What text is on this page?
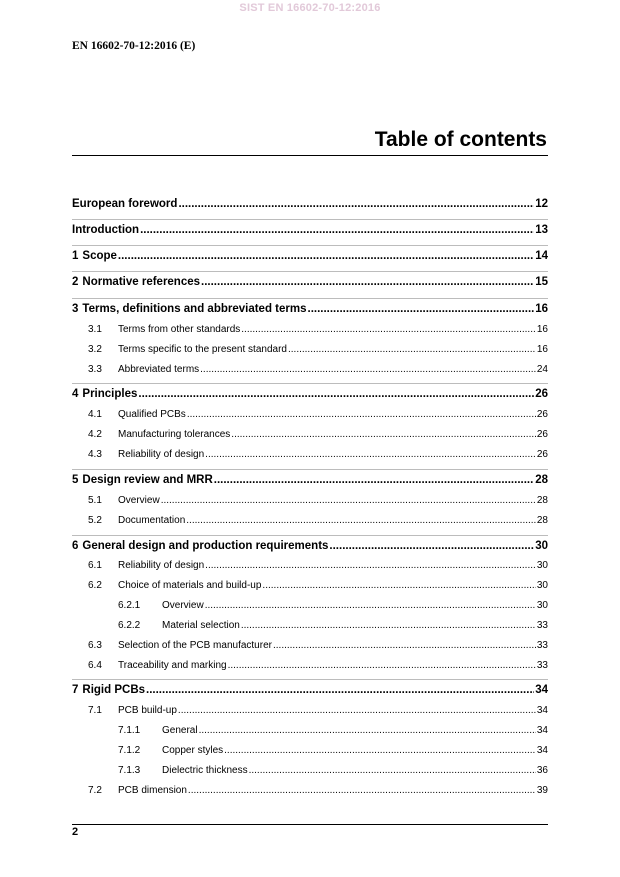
SIST EN 16602-70-12:2016
EN 16602-70-12:2016 (E)
Table of contents
European foreword .....	12
Introduction .....	13
1 Scope .....	14
2 Normative references .....	15
3 Terms, definitions and abbreviated terms .....	16
3.1	Terms from other standards .....	16
3.2	Terms specific to the present standard .....	16
3.3	Abbreviated terms .....	24
4 Principles .....	26
4.1	Qualified PCBs .....	26
4.2	Manufacturing tolerances .....	26
4.3	Reliability of design .....	26
5 Design review and MRR .....	28
5.1	Overview .....	28
5.2	Documentation .....	28
6 General design and production requirements .....	30
6.1	Reliability of design .....	30
6.2	Choice of materials and build-up .....	30
6.2.1	Overview .....	30
6.2.2	Material selection .....	33
6.3	Selection of the PCB manufacturer .....	33
6.4	Traceability and marking .....	33
7 Rigid PCBs .....	34
7.1	PCB build-up .....	34
7.1.1	General .....	34
7.1.2	Copper styles .....	34
7.1.3	Dielectric thickness .....	36
7.2	PCB dimension .....	39
2
